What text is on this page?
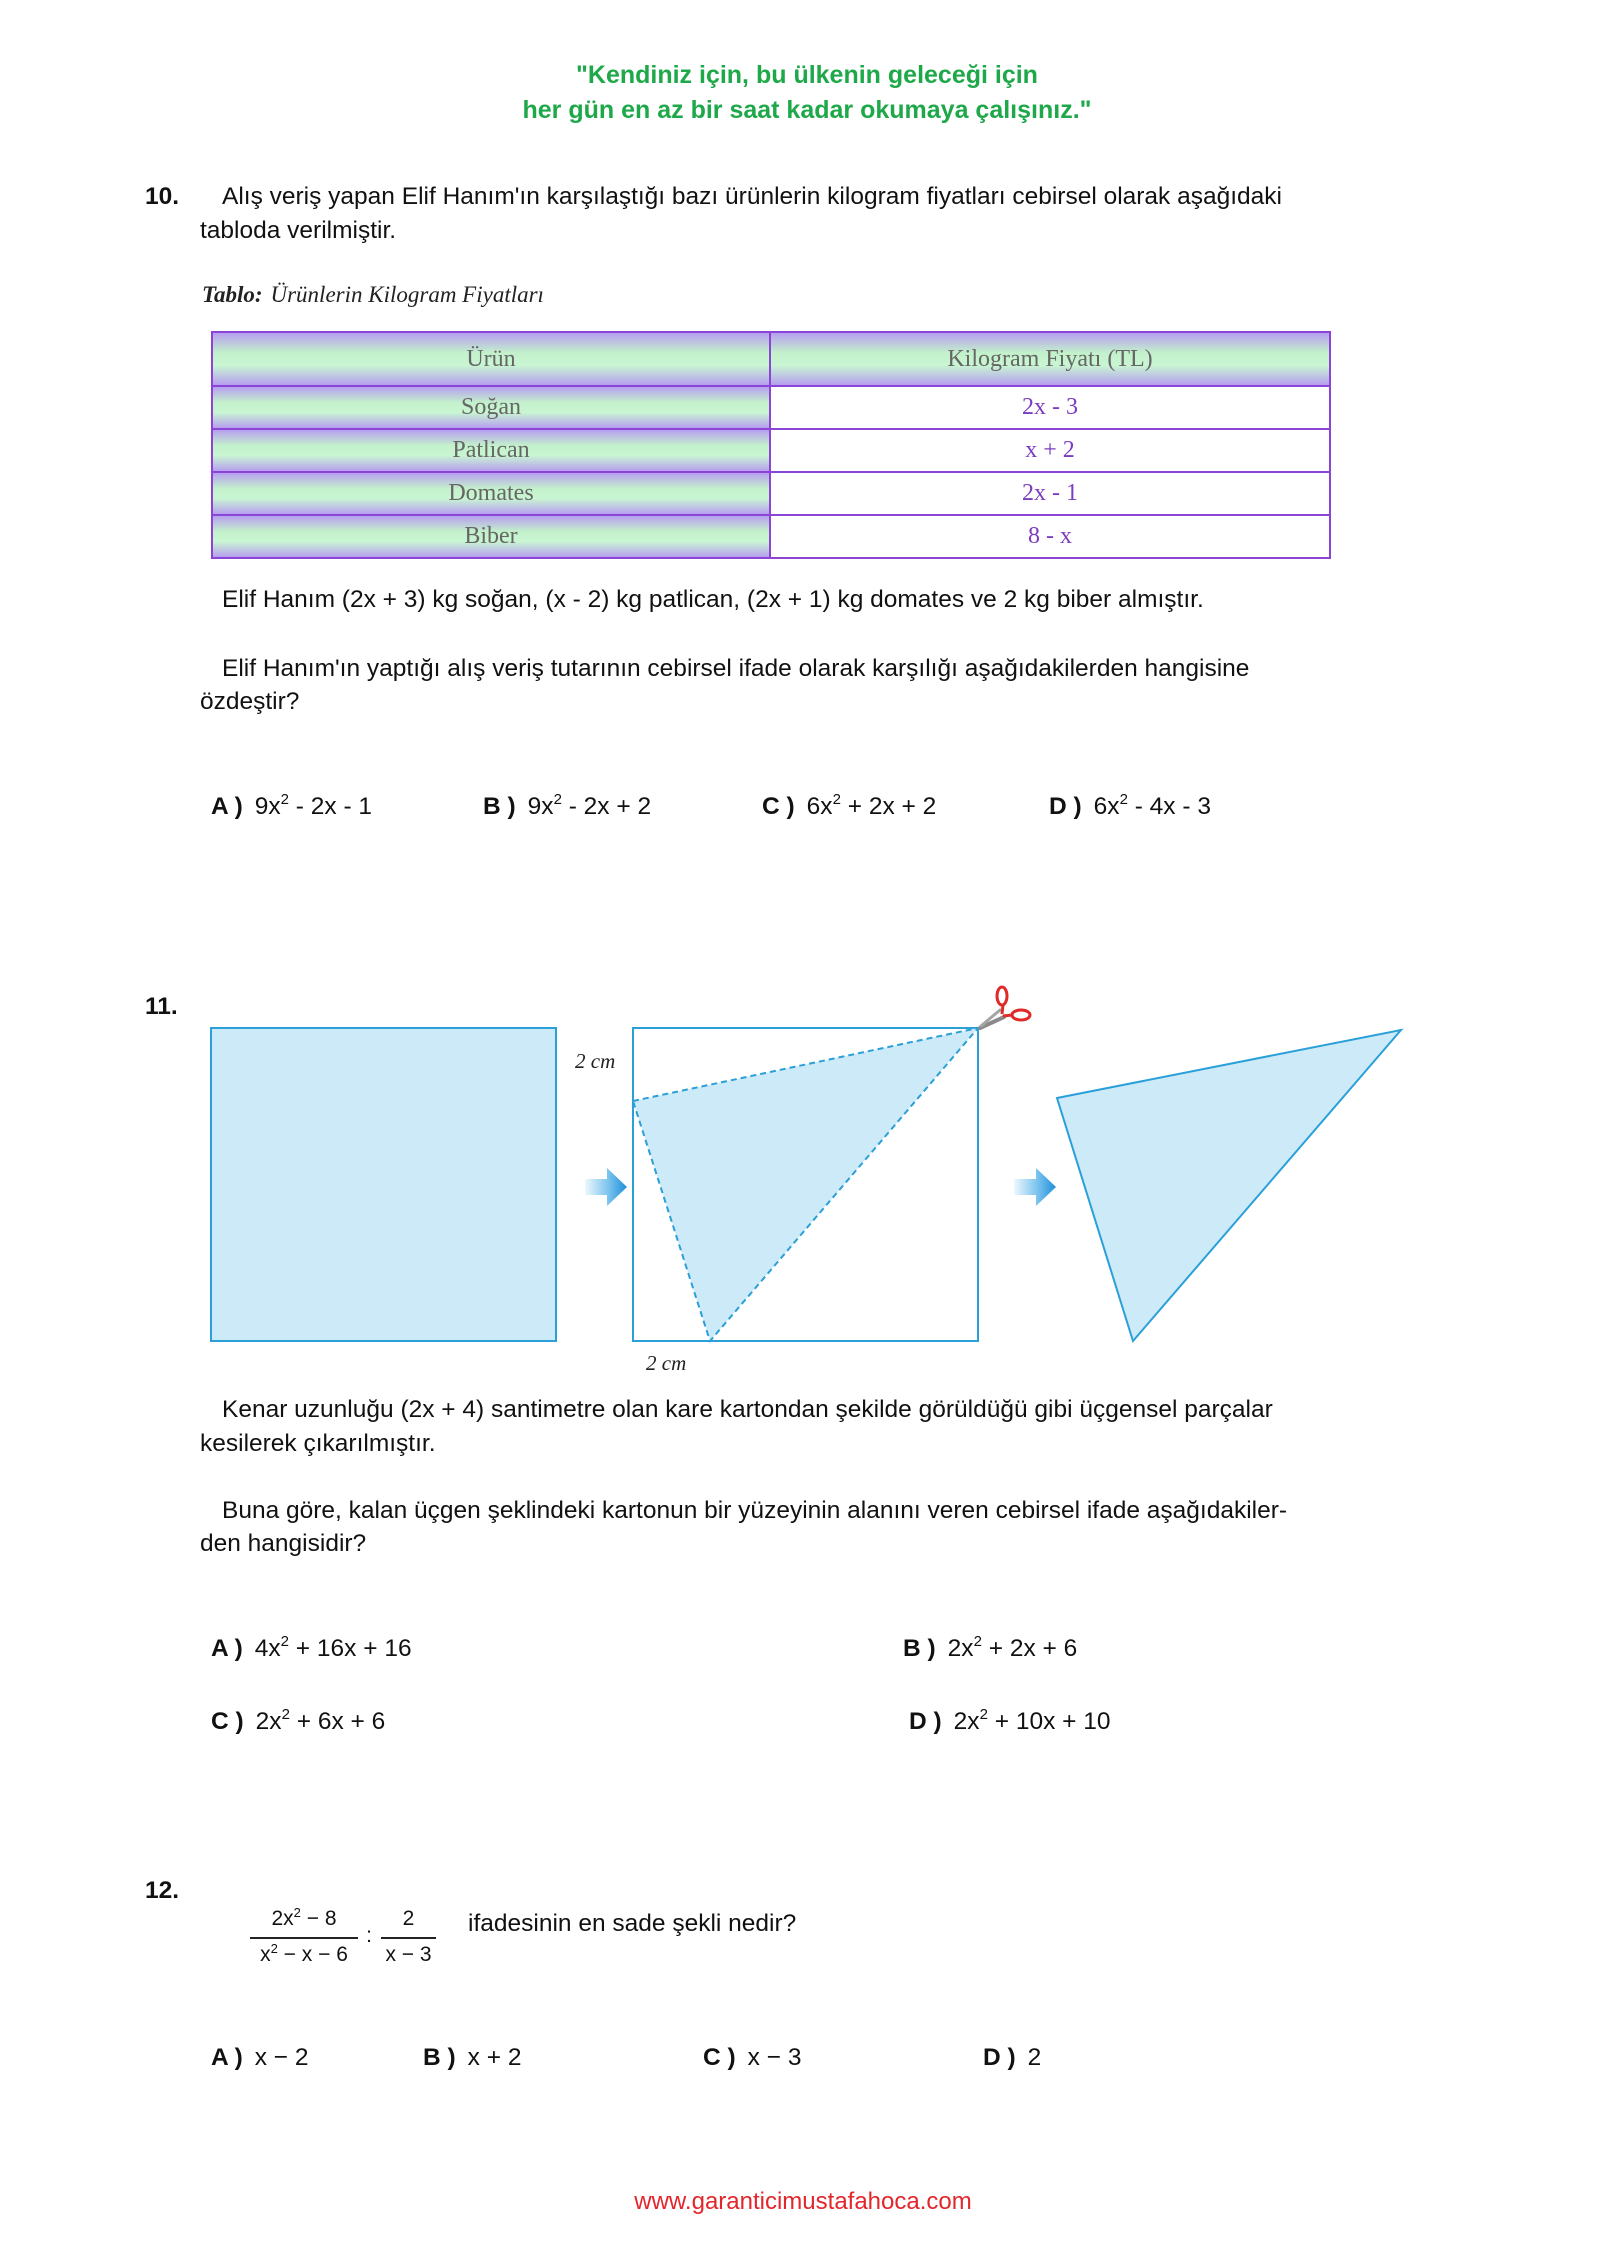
"Kendiniz için, bu ülkenin geleceği için
her gün en az bir saat kadar okumaya çalışınız."
10. Alış veriş yapan Elif Hanım'ın karşılaştığı bazı ürünlerin kilogram fiyatları cebirsel olarak aşağıdaki
tabloda verilmiştir.
Tablo: Ürünlerin Kilogram Fiyatları
Ürün	Kilogram Fiyatı (TL)
Soğan	2x - 3
Patlican	x + 2
Domates	2x - 1
Biber	8 - x
Elif Hanım (2x + 3) kg soğan, (x - 2) kg patlican, (2x + 1) kg domates ve 2 kg biber almıştır.
Elif Hanım'ın yaptığı alış veriş tutarının cebirsel ifade olarak karşılığı aşağıdakilerden hangisine
özdeştir?
A ) $9x^2 - 2x - 1$	B ) $9x^2 - 2x + 2$	C ) $6x^2 + 2x + 2$	D ) $6x^2 - 4x - 3$
11.
2 cm
2 cm
Kenar uzunluğu (2x + 4) santimetre olan kare kartondan şekilde görüldüğü gibi üçgensel parçalar
kesilerek çıkarılmıştır.
Buna göre, kalan üçgen şeklindeki kartonun bir yüzeyinin alanını veren cebirsel ifade aşağıdakiler-
den hangisidir?
A ) $4x^2 + 16x + 16$	B ) $2x^2 + 2x + 6$
C ) $2x^2 + 6x + 6$	D ) $2x^2 + 10x + 10$
12.
$2x^2 - 8$
$x^2 - x - 6$
:
2
x − 3
ifadesinin en sade şekli nedir?
A ) x − 2	B ) x + 2	C ) x − 3	D ) 2
www.garanticimustafahoca.com
